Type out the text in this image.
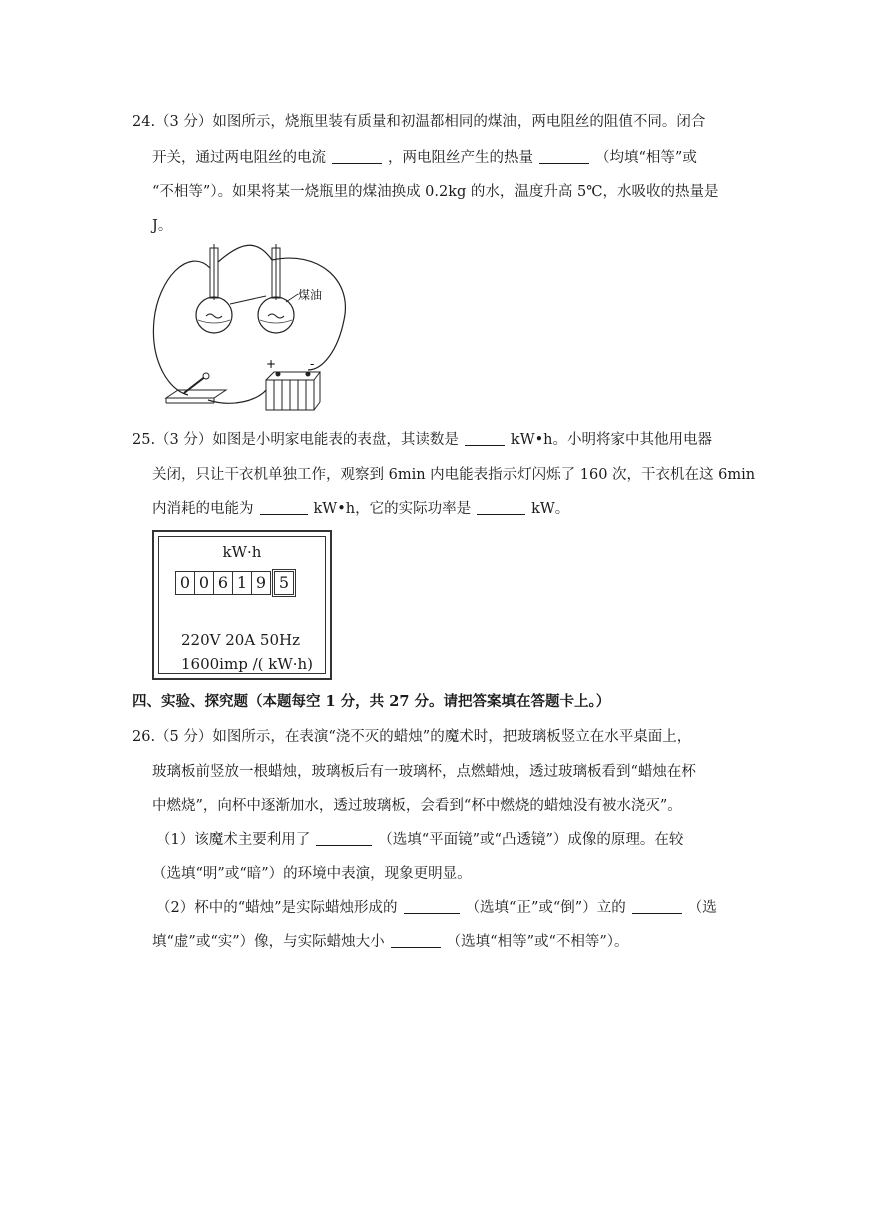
24.（3 分）如图所示，烧瓶里装有质量和初温都相同的煤油，两电阻丝的阻值不同。闭合
开关，通过两电阻丝的电流	，两电阻丝产生的热量	（均填“相等”或
“不相等”）。如果将某一烧瓶里的煤油换成 0.2kg 的水，温度升高 5℃，水吸收的热量是
J。
煤油
+	-
25.（3 分）如图是小明家电能表的表盘，其读数是	kW•h。小明将家中其他用电器
关闭，只让干衣机单独工作，观察到 6min 内电能表指示灯闪烁了 160 次，干衣机在这 6min
内消耗的电能为	kW•h，它的实际功率是	kW。
kW·h
0 0 6 1 9 5
220V 20A 50Hz
1600imp /( kW·h)
四、实验、探究题（本题每空 1 分，共 27 分。请把答案填在答题卡上。）
26.（5 分）如图所示，在表演“浇不灭的蜡烛”的魔术时，把玻璃板竖立在水平桌面上，
玻璃板前竖放一根蜡烛，玻璃板后有一玻璃杯，点燃蜡烛，透过玻璃板看到“蜡烛在杯
中燃烧”，向杯中逐渐加水，透过玻璃板，会看到“杯中燃烧的蜡烛没有被水浇灭”。
（1）该魔术主要利用了	（选填“平面镜”或“凸透镜”）成像的原理。在较
（选填“明”或“暗”）的环境中表演，现象更明显。
（2）杯中的“蜡烛”是实际蜡烛形成的	（选填“正”或“倒”）立的	（选
填“虚”或“实”）像，与实际蜡烛大小	（选填“相等”或“不相等”）。
